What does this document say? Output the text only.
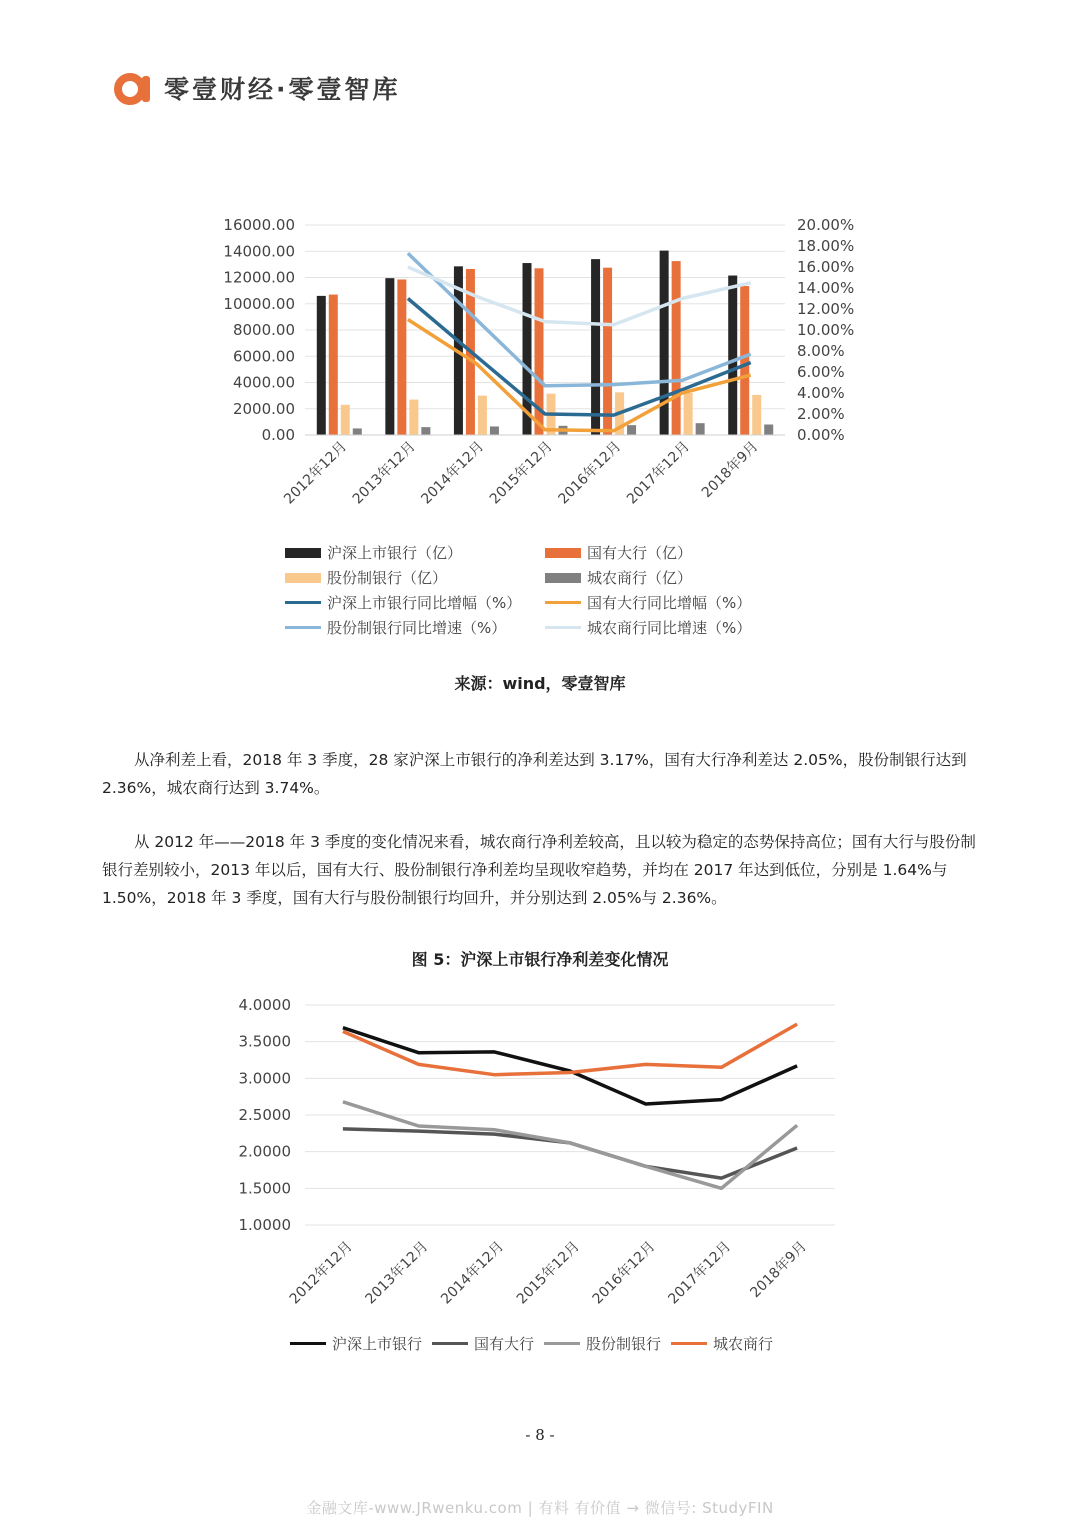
零壹财经·零壹智库
16000.00
14000.00
12000.00
10000.00
8000.00
6000.00
4000.00
2000.00
0.00
20.00%
18.00%
16.00%
14.00%
12.00%
10.00%
8.00%
6.00%
4.00%
2.00%
0.00%
2012年12月 2013年12月 2014年12月 2015年12月 2016年12月 2017年12月 2018年9月
沪深上市银行（亿）	国有大行（亿）
股份制银行（亿）	城农商行（亿）
沪深上市银行同比增幅（%）	国有大行同比增幅（%）
股份制银行同比增速（%）	城农商行同比增速（%）
来源：wind，零壹智库
从净利差上看，2018 年 3 季度，28 家沪深上市银行的净利差达到 3.17%，国有大行净利差达 2.05%，股份制银行达到 2.36%，城农商行达到 3.74%。
从 2012 年——2018 年 3 季度的变化情况来看，城农商行净利差较高，且以较为稳定的态势保持高位；国有大行与股份制银行差别较小，2013 年以后，国有大行、股份制银行净利差均呈现收窄趋势，并均在 2017 年达到低位，分别是 1.64%与 1.50%，2018 年 3 季度，国有大行与股份制银行均回升，并分别达到 2.05%与 2.36%。
图 5：沪深上市银行净利差变化情况
4.0000
3.5000
3.0000
2.5000
2.0000
1.5000
1.0000
2012年12月 2013年12月 2014年12月 2015年12月 2016年12月 2017年12月 2018年9月
沪深上市银行	国有大行	股份制银行	城农商行
- 8 -
金融文库-www.JRwenku.com | 有料 有价值 → 微信号: StudyFIN
